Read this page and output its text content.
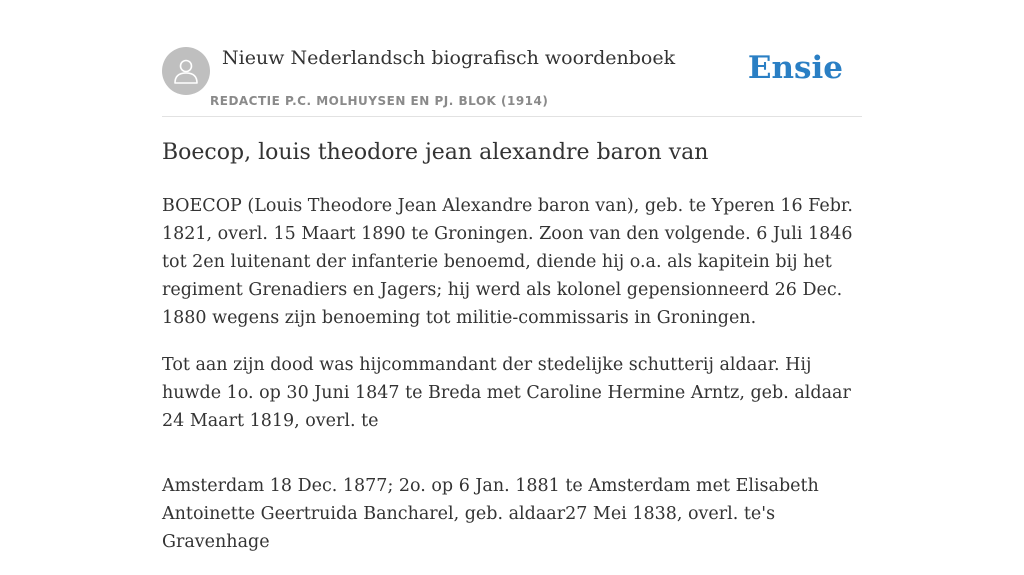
Nieuw Nederlandsch biografisch woordenboek
REDACTIE P.C. MOLHUYSEN EN PJ. BLOK (1914)
Ensie
Boecop, louis theodore jean alexandre baron van

BOECOP (Louis Theodore Jean Alexandre baron van), geb. te Yperen 16 Febr. 1821, overl. 15 Maart 1890 te Groningen. Zoon van den volgende. 6 Juli 1846 tot 2en luitenant der infanterie benoemd, diende hij o.a. als kapitein bij het regiment Grenadiers en Jagers; hij werd als kolonel gepensionneerd 26 Dec. 1880 wegens zijn benoeming tot militie-commissaris in Groningen.

Tot aan zijn dood was hijcommandant der stedelijke schutterij aldaar. Hij huwde 1o. op 30 Juni 1847 te Breda met Caroline Hermine Arntz, geb. aldaar 24 Maart 1819, overl. te

Amsterdam 18 Dec. 1877; 2o. op 6 Jan. 1881 te Amsterdam met Elisabeth Antoinette Geertruida Bancharel, geb. aldaar27 Mei 1838, overl. te's Gravenhage
